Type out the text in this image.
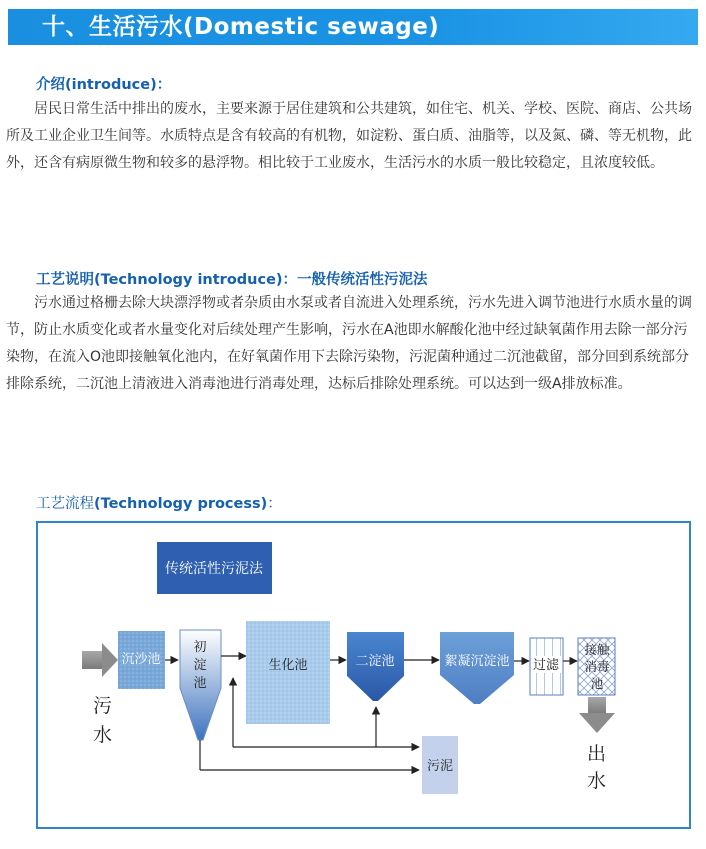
十、生活污水(Domestic sewage)
介绍(introduce)：

居民日常生活中排出的废水，主要来源于居住建筑和公共建筑，如住宅、机关、学校、医院、商店、公共场所及工业企业卫生间等。水质特点是含有较高的有机物，如淀粉、蛋白质、油脂等，以及氮、磷、等无机物，此外，还含有病原微生物和较多的悬浮物。相比较于工业废水，生活污水的水质一般比较稳定，且浓度较低。

工艺说明(Technology introduce)：一般传统活性污泥法

污水通过格栅去除大块漂浮物或者杂质由水泵或者自流进入处理系统，污水先进入调节池进行水质水量的调节，防止水质变化或者水量变化对后续处理产生影响，污水在A池即水解酸化池中经过缺氧菌作用去除一部分污染物，在流入O池即接触氧化池内，在好氧菌作用下去除污染物，污泥菌种通过二沉池截留，部分回到系统部分排除系统，二沉池上清液进入消毒池进行消毒处理，达标后排除处理系统。可以达到一级A排放标准。

工艺流程(Technology process)：
传统活性污泥法
污
水
沉沙池
初
淀
池
生化池	二淀池	絮凝沉淀池 过滤
接触
消毒
池
出
水
污泥
